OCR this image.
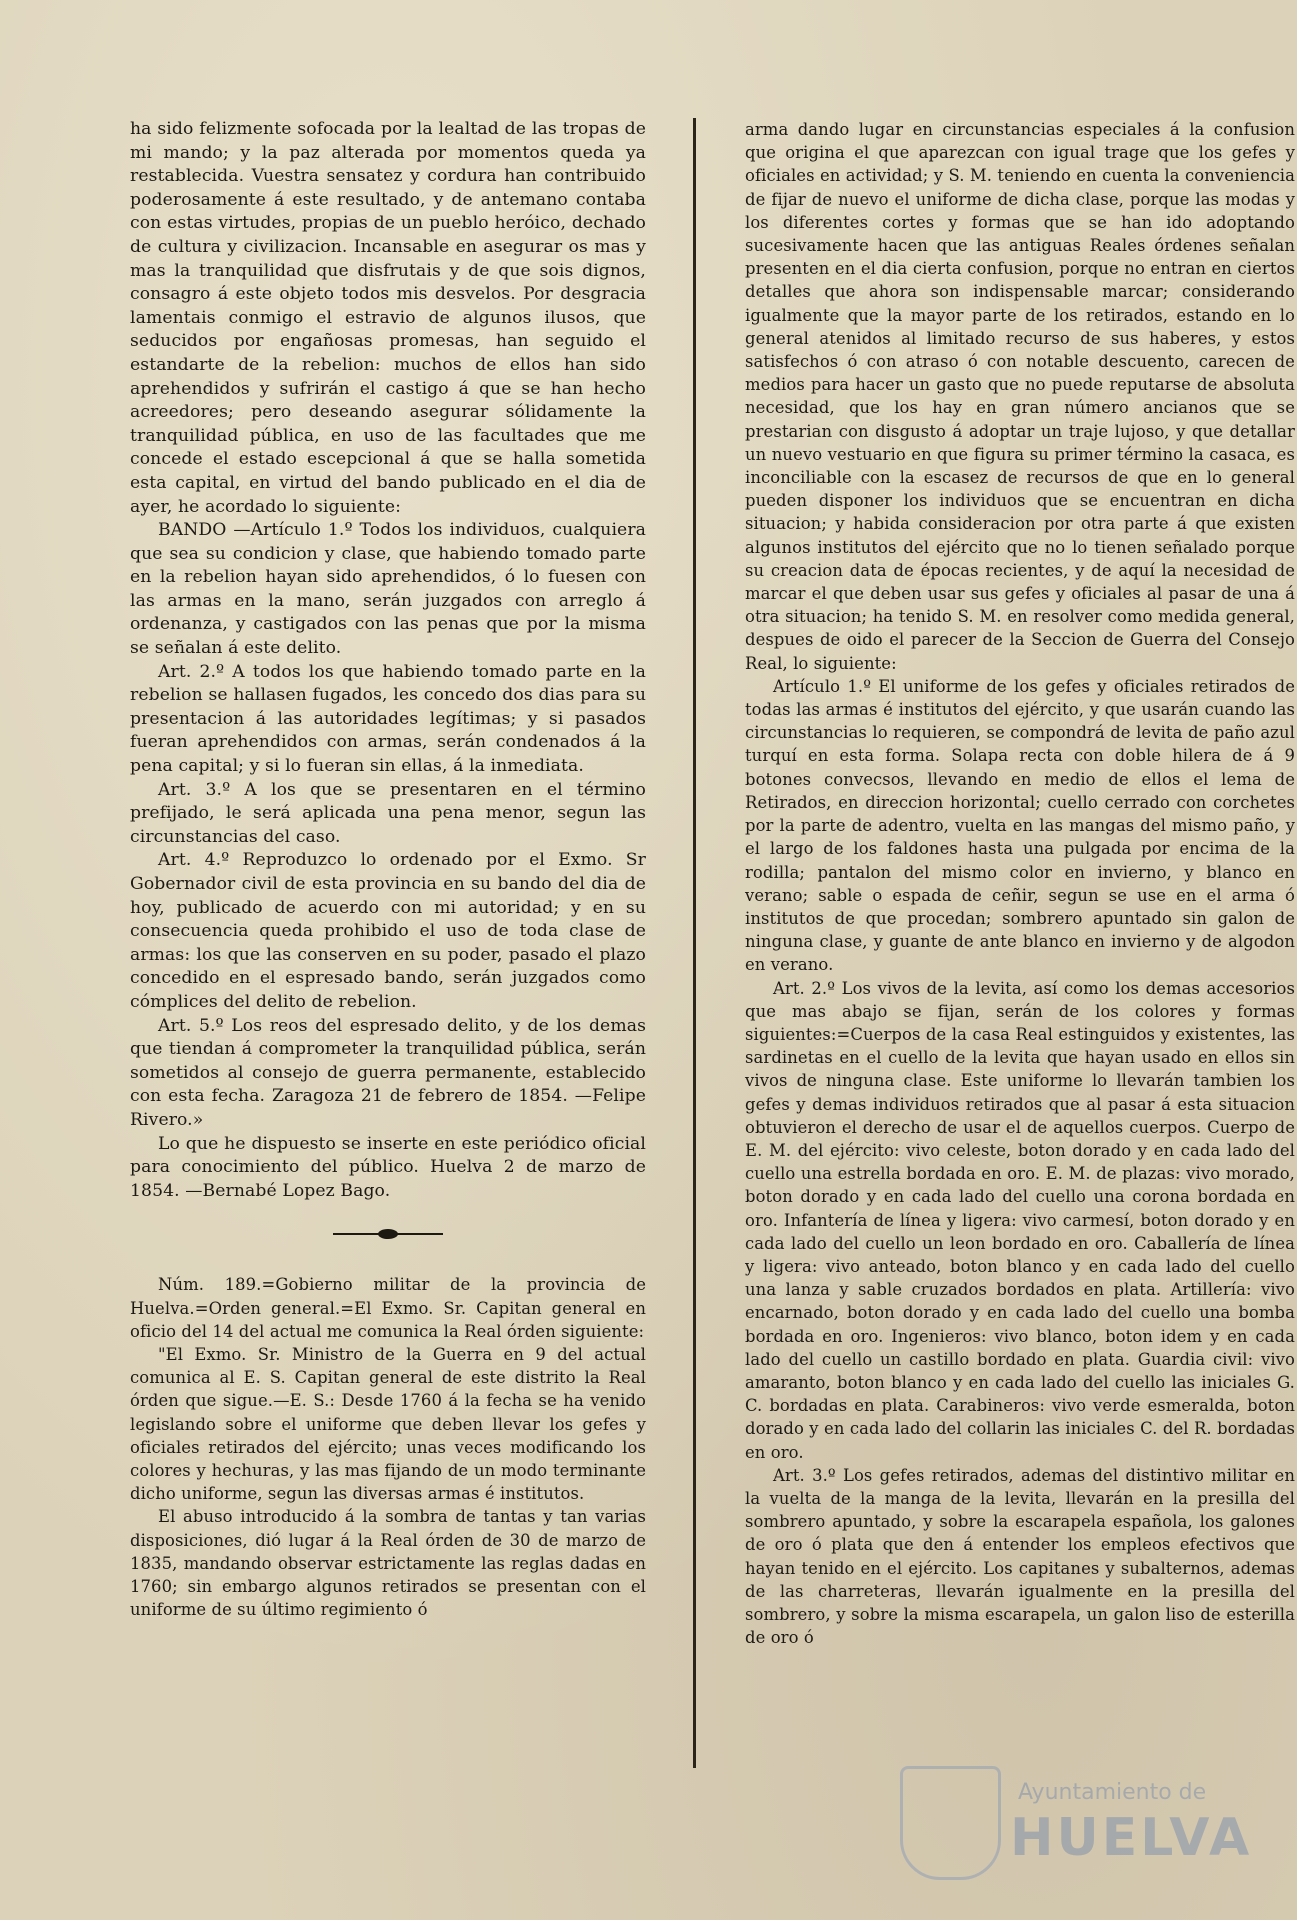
ha sido felizmente sofocada por la lealtad de las tropas de mi mando; y la paz alterada por momentos queda ya restablecida. Vuestra sensatez y cordura han contribuido poderosamente á este resultado, y de antemano contaba con estas virtudes, propias de un pueblo heróico, dechado de cultura y civilizacion. Incansable en asegurar os mas y mas la tranquilidad que disfrutais y de que sois dignos, consagro á este objeto todos mis desvelos. Por desgracia lamentais conmigo el estravio de algunos ilusos, que seducidos por engañosas promesas, han seguido el estandarte de la rebelion: muchos de ellos han sido aprehendidos y sufrirán el castigo á que se han hecho acreedores; pero deseando asegurar sólidamente la tranquilidad pública, en uso de las facultades que me concede el estado escepcional á que se halla sometida esta capital, en virtud del bando publicado en el dia de ayer, he acordado lo siguiente:

BANDO —Artículo 1.º Todos los individuos, cualquiera que sea su condicion y clase, que habiendo tomado parte en la rebelion hayan sido aprehendidos, ó lo fuesen con las armas en la mano, serán juzgados con arreglo á ordenanza, y castigados con las penas que por la misma se señalan á este delito.

Art. 2.º A todos los que habiendo tomado parte en la rebelion se hallasen fugados, les concedo dos dias para su presentacion á las autoridades legítimas; y si pasados fueran aprehendidos con armas, serán condenados á la pena capital; y si lo fueran sin ellas, á la inmediata.

Art. 3.º A los que se presentaren en el término prefijado, le será aplicada una pena menor, segun las circunstancias del caso.

Art. 4.º Reproduzco lo ordenado por el Exmo. Sr Gobernador civil de esta provincia en su bando del dia de hoy, publicado de acuerdo con mi autoridad; y en su consecuencia queda prohibido el uso de toda clase de armas: los que las conserven en su poder, pasado el plazo concedido en el espresado bando, serán juzgados como cómplices del delito de rebelion.

Art. 5.º Los reos del espresado delito, y de los demas que tiendan á comprometer la tranquilidad pública, serán sometidos al consejo de guerra permanente, establecido con esta fecha. Zaragoza 21 de febrero de 1854. —Felipe Rivero.»

Lo que he dispuesto se inserte en este periódico oficial para conocimiento del público. Huelva 2 de marzo de 1854. —Bernabé Lopez Bago.

Núm. 189.=Gobierno militar de la provincia de Huelva.=Orden general.=El Exmo. Sr. Capitan general en oficio del 14 del actual me comunica la Real órden siguiente:

"El Exmo. Sr. Ministro de la Guerra en 9 del actual comunica al E. S. Capitan general de este distrito la Real órden que sigue.—E. S.: Desde 1760 á la fecha se ha venido legislando sobre el uniforme que deben llevar los gefes y oficiales retirados del ejército; unas veces modificando los colores y hechuras, y las mas fijando de un modo terminante dicho uniforme, segun las diversas armas é institutos.

El abuso introducido á la sombra de tantas y tan varias disposiciones, dió lugar á la Real órden de 30 de marzo de 1835, mandando observar estrictamente las reglas dadas en 1760; sin embargo algunos retirados se presentan con el uniforme de su último regimiento ó

arma dando lugar en circunstancias especiales á la confusion que origina el que aparezcan con igual trage que los gefes y oficiales en actividad; y S. M. teniendo en cuenta la conveniencia de fijar de nuevo el uniforme de dicha clase, porque las modas y los diferentes cortes y formas que se han ido adoptando sucesivamente hacen que las antiguas Reales órdenes señalan presenten en el dia cierta confusion, porque no entran en ciertos detalles que ahora son indispensable marcar; considerando igualmente que la mayor parte de los retirados, estando en lo general atenidos al limitado recurso de sus haberes, y estos satisfechos ó con atraso ó con notable descuento, carecen de medios para hacer un gasto que no puede reputarse de absoluta necesidad, que los hay en gran número ancianos que se prestarian con disgusto á adoptar un traje lujoso, y que detallar un nuevo vestuario en que figura su primer término la casaca, es inconciliable con la escasez de recursos de que en lo general pueden disponer los individuos que se encuentran en dicha situacion; y habida consideracion por otra parte á que existen algunos institutos del ejército que no lo tienen señalado porque su creacion data de épocas recientes, y de aquí la necesidad de marcar el que deben usar sus gefes y oficiales al pasar de una á otra situacion; ha tenido S. M. en resolver como medida general, despues de oido el parecer de la Seccion de Guerra del Consejo Real, lo siguiente:

Artículo 1.º El uniforme de los gefes y oficiales retirados de todas las armas é institutos del ejército, y que usarán cuando las circunstancias lo requieren, se compondrá de levita de paño azul turquí en esta forma. Solapa recta con doble hilera de á 9 botones convecsos, llevando en medio de ellos el lema de Retirados, en direccion horizontal; cuello cerrado con corchetes por la parte de adentro, vuelta en las mangas del mismo paño, y el largo de los faldones hasta una pulgada por encima de la rodilla; pantalon del mismo color en invierno, y blanco en verano; sable o espada de ceñir, segun se use en el arma ó institutos de que procedan; sombrero apuntado sin galon de ninguna clase, y guante de ante blanco en invierno y de algodon en verano.

Art. 2.º Los vivos de la levita, así como los demas accesorios que mas abajo se fijan, serán de los colores y formas siguientes:=Cuerpos de la casa Real estinguidos y existentes, las sardinetas en el cuello de la levita que hayan usado en ellos sin vivos de ninguna clase. Este uniforme lo llevarán tambien los gefes y demas individuos retirados que al pasar á esta situacion obtuvieron el derecho de usar el de aquellos cuerpos. Cuerpo de E. M. del ejército: vivo celeste, boton dorado y en cada lado del cuello una estrella bordada en oro. E. M. de plazas: vivo morado, boton dorado y en cada lado del cuello una corona bordada en oro. Infantería de línea y ligera: vivo carmesí, boton dorado y en cada lado del cuello un leon bordado en oro. Caballería de línea y ligera: vivo anteado, boton blanco y en cada lado del cuello una lanza y sable cruzados bordados en plata. Artillería: vivo encarnado, boton dorado y en cada lado del cuello una bomba bordada en oro. Ingenieros: vivo blanco, boton idem y en cada lado del cuello un castillo bordado en plata. Guardia civil: vivo amaranto, boton blanco y en cada lado del cuello las iniciales G. C. bordadas en plata. Carabineros: vivo verde esmeralda, boton dorado y en cada lado del collarin las iniciales C. del R. bordadas en oro.

Art. 3.º Los gefes retirados, ademas del distintivo militar en la vuelta de la manga de la levita, llevarán en la presilla del sombrero apuntado, y sobre la escarapela española, los galones de oro ó plata que den á entender los empleos efectivos que hayan tenido en el ejército. Los capitanes y subalternos, ademas de las charreteras, llevarán igualmente en la presilla del sombrero, y sobre la misma escarapela, un galon liso de esterilla de oro ó

Ayuntamiento de
HUELVA
